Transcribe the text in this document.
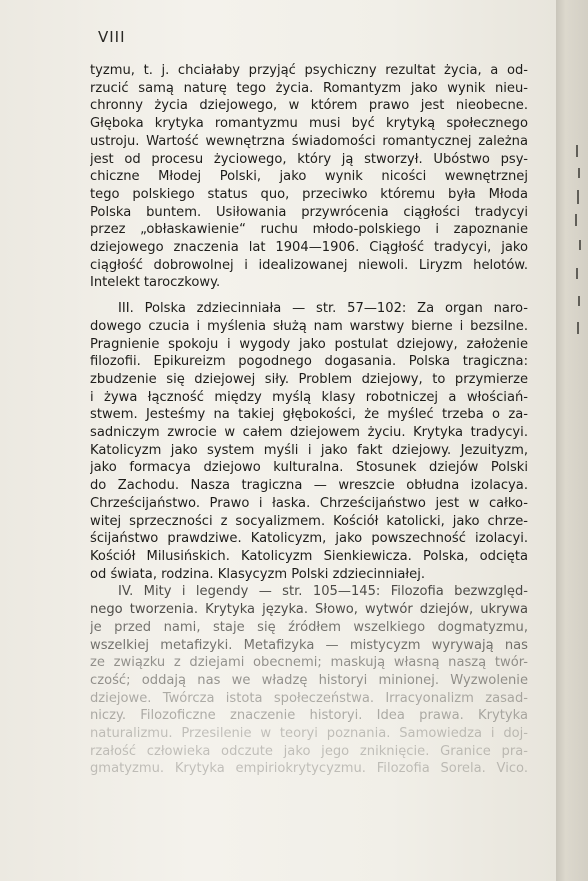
VIII
tyzmu, t. j. chciałaby przyjąć psychiczny rezultat życia, a od-
rzucić samą naturę tego życia. Romantyzm jako wynik nieu-
chronny życia dziejowego, w którem prawo jest nieobecne.
Głęboka krytyka romantyzmu musi być krytyką społecznego
ustroju. Wartość wewnętrzna świadomości romantycznej zależna
jest od procesu życiowego, który ją stworzył. Ubóstwo psy-
chiczne Młodej Polski, jako wynik nicości wewnętrznej
tego polskiego status quo, przeciwko któremu była Młoda
Polska buntem. Usiłowania przywrócenia ciągłości tradycyi
przez „obłaskawienie“ ruchu młodo-polskiego i zapoznanie
dziejowego znaczenia lat 1904—1906. Ciągłość tradycyi, jako
ciągłość dobrowolnej i idealizowanej niewoli. Liryzm helotów.
Intelekt taroczkowy.
III. Polska zdziecinniała — str. 57—102: Za organ naro-
dowego czucia i myślenia służą nam warstwy bierne i bezsilne.
Pragnienie spokoju i wygody jako postulat dziejowy, założenie
filozofii. Epikureizm pogodnego dogasania. Polska tragiczna:
zbudzenie się dziejowej siły. Problem dziejowy, to przymierze
i żywa łączność między myślą klasy robotniczej a włościań-
stwem. Jesteśmy na takiej głębokości, że myśleć trzeba o za-
sadniczym zwrocie w całem dziejowem życiu. Krytyka tradycyi.
Katolicyzm jako system myśli i jako fakt dziejowy. Jezuityzm,
jako formacya dziejowo kulturalna. Stosunek dziejów Polski
do Zachodu. Nasza tragiczna — wreszcie obłudna izolacya.
Chrześcijaństwo. Prawo i łaska. Chrześcijaństwo jest w całko-
witej sprzeczności z socyalizmem. Kościół katolicki, jako chrze-
ścijaństwo prawdziwe. Katolicyzm, jako powszechność izolacyi.
Kościół Milusińskich. Katolicyzm Sienkiewicza. Polska, odcięta
od świata, rodzina. Klasycyzm Polski zdziecinniałej.
IV. Mity i legendy — str. 105—145: Filozofia bezwzględ-
nego tworzenia. Krytyka języka. Słowo, wytwór dziejów, ukrywa
je przed nami, staje się źródłem wszelkiego dogmatyzmu,
wszelkiej metafizyki. Metafizyka — mistycyzm wyrywają nas
ze związku z dziejami obecnemi; maskują własną naszą twór-
czość; oddają nas we władzę historyi minionej. Wyzwolenie
dziejowe. Twórcza istota społeczeństwa. Irracyonalizm zasad-
niczy. Filozoficzne znaczenie historyi. Idea prawa. Krytyka
naturalizmu. Przesilenie w teoryi poznania. Samowiedza i doj-
rzałość człowieka odczute jako jego zniknięcie. Granice pra-
gmatyzmu. Krytyka empiriokrytycyzmu. Filozofia Sorela. Vico.
